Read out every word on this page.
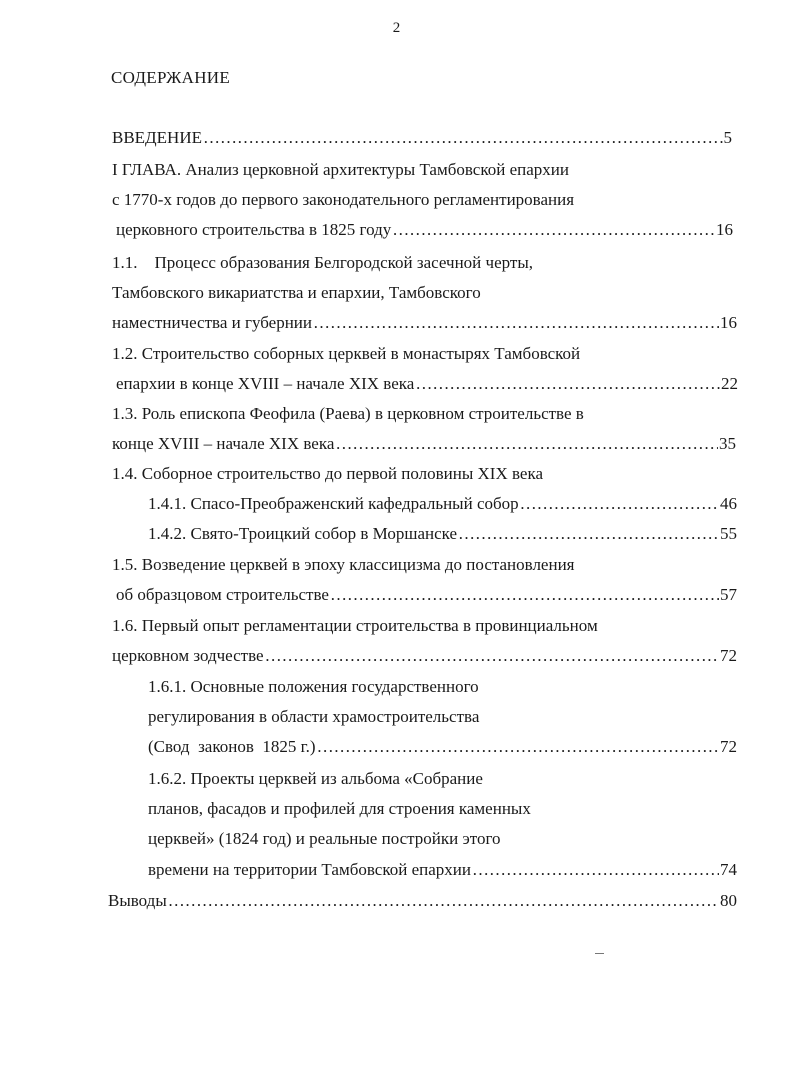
2
СОДЕРЖАНИЕ
ВВЕДЕНИЕ …………………………………………………………………………………………………………………………………………	5
I ГЛАВА. Анализ церковной архитектуры Тамбовской епархии
с 1770-х годов до первого законодательного регламентирования
церковного строительства в 1825 году …………………………………………………………………………………………………………………………………………	16
1.1.    Процесс образования Белгородской засечной черты,
Тамбовского викариатства и епархии, Тамбовского
наместничества и губернии …………………………………………………………………………………………………………………………………………	16
1.2. Строительство соборных церквей в монастырях Тамбовской
епархии в конце XVIII – начале XIX века …………………………………………………………………………………………………………………………………………	22
1.3. Роль епископа Феофила (Раева) в церковном строительстве в
конце XVIII – начале XIX века …………………………………………………………………………………………………………………………………………	35
1.4. Соборное строительство до первой половины XIX века
1.4.1. Спасо-Преображенский кафедральный собор …………………………………………………………………………………………………………………………………………	46
1.4.2. Свято-Троицкий собор в Моршанске …………………………………………………………………………………………………………………………………………	55
1.5. Возведение церквей в эпоху классицизма до постановления
об образцовом строительстве …………………………………………………………………………………………………………………………………………	57
1.6. Первый опыт регламентации строительства в провинциальном
церковном зодчестве …………………………………………………………………………………………………………………………………………	72
1.6.1. Основные положения государственного
регулирования в области храмостроительства
(Свод  законов  1825 г.) …………………………………………………………………………………………………………………………………………	72
1.6.2. Проекты церквей из альбома «Собрание
планов, фасадов и профилей для строения каменных
церквей» (1824 год) и реальные постройки этого
времени на территории Тамбовской епархии …………………………………………………………………………………………………………………………………………	74
Выводы …………………………………………………………………………………………………………………………………………	80
